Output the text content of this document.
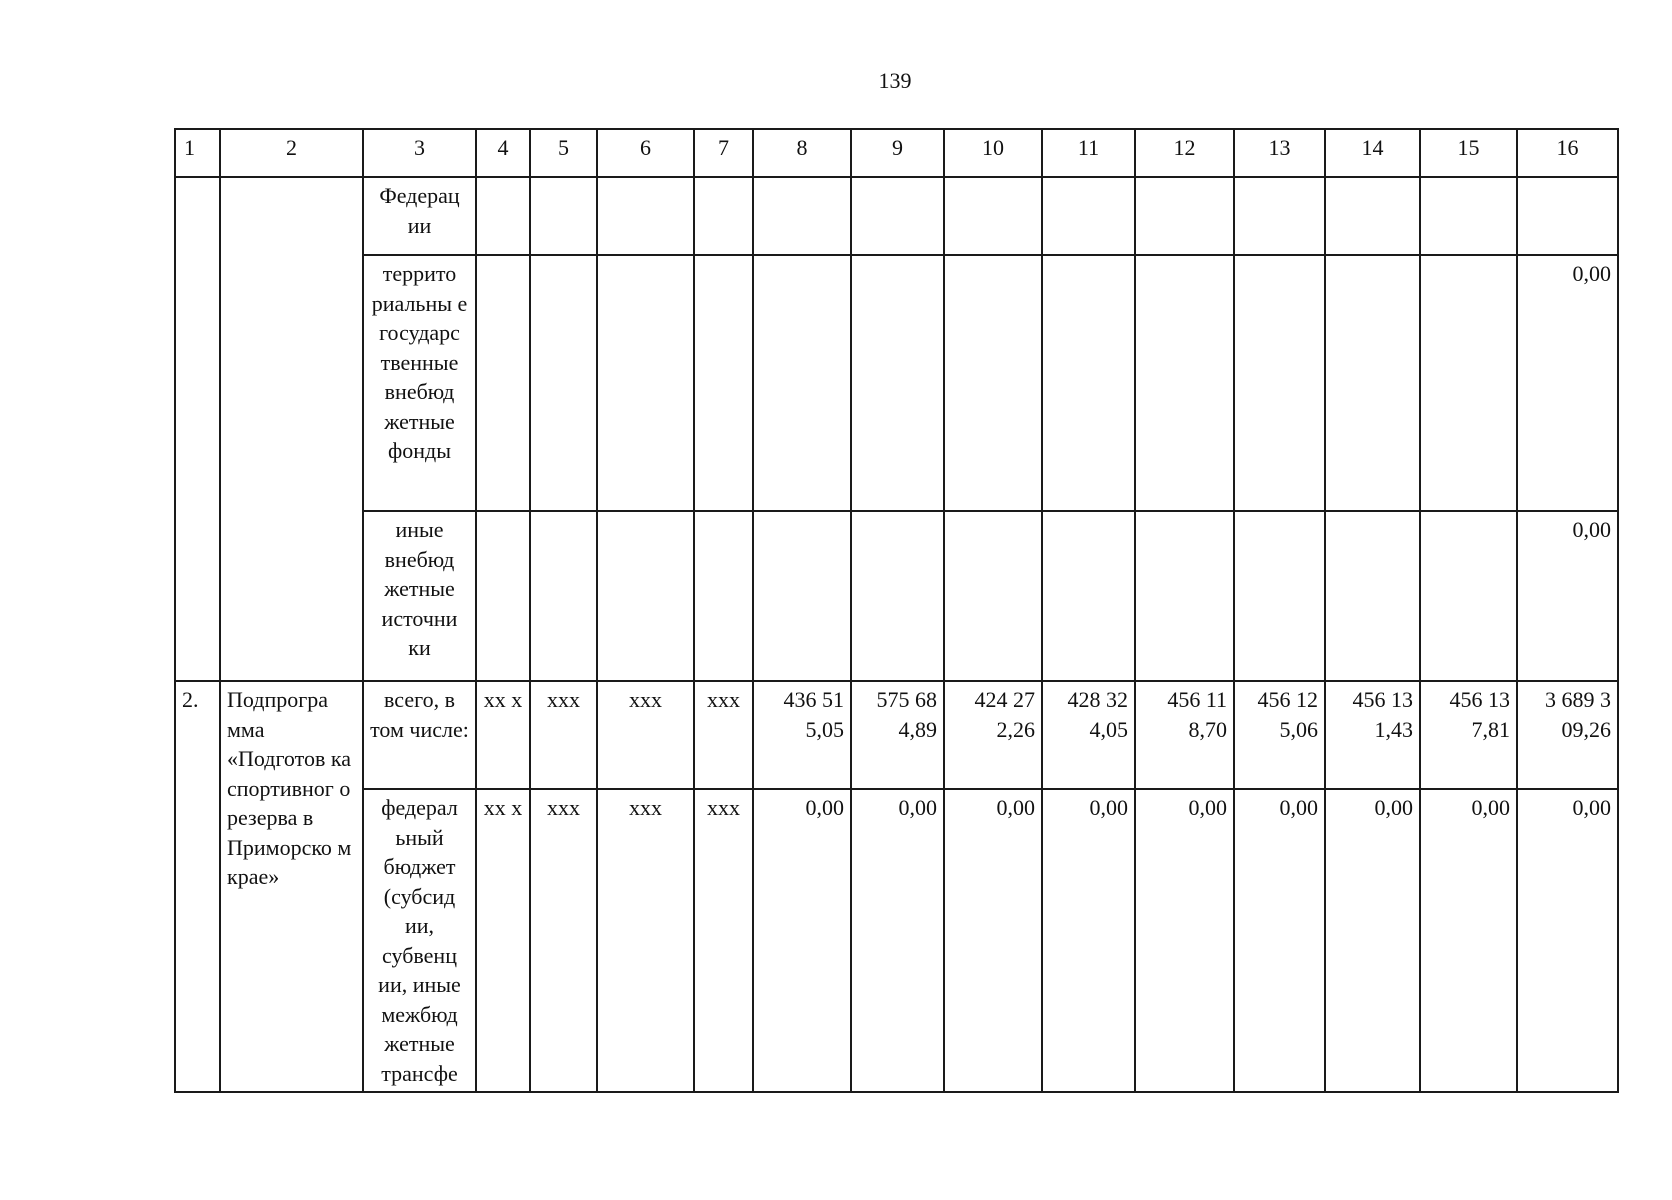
139
1	2	3	4	5	6	7	8	9	10	11	12	13	14	15	16
		Федерац ии													
		террито риальны е государс твенные внебюд жетные фонды													0,00
		иные внебюд жетные источни ки													0,00
2.	Подпрогра мма «Подготов ка спортивног о резерва в Приморско м крае»	всего, в том числе:	хх х	ххх	ххх	ххх	436 51 5,05	575 68 4,89	424 27 2,26	428 32 4,05	456 11 8,70	456 12 5,06	456 13 1,43	456 13 7,81	3 689 3 09,26
		федерал ьный бюджет (субсид ии, субвенц ии, иные межбюд жетные трансфе	хх х	ххх	ххх	ххх	0,00	0,00	0,00	0,00	0,00	0,00	0,00	0,00	0,00
